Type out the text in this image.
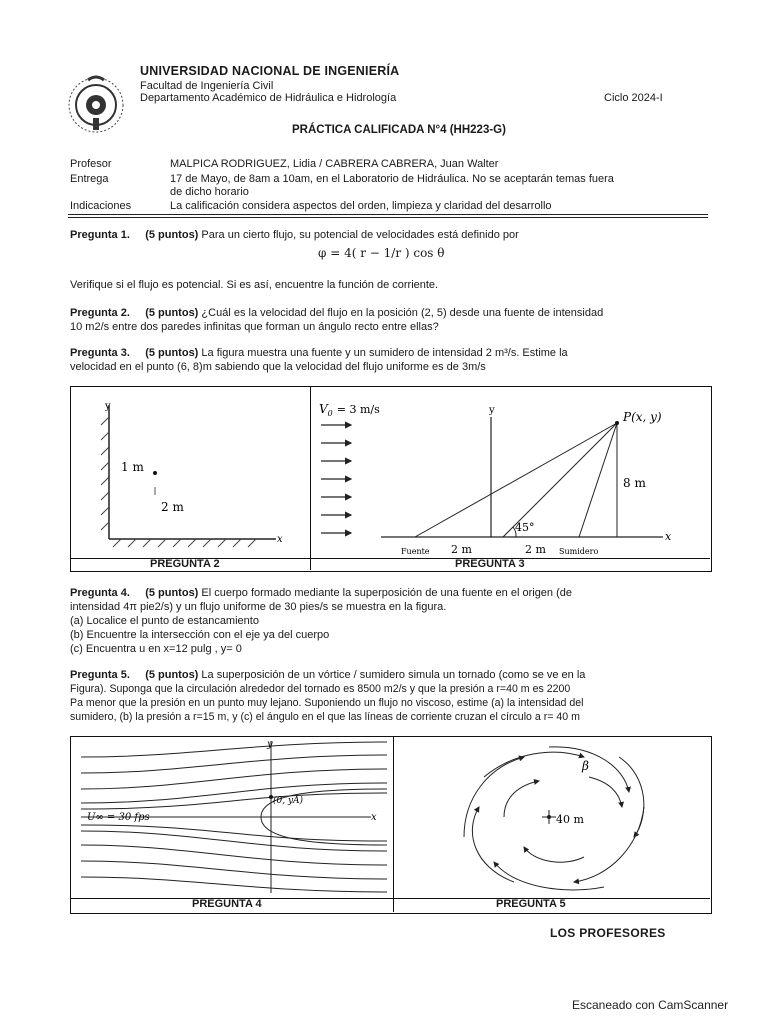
UNIVERSIDAD NACIONAL DE INGENIERÍA
Facultad de Ingeniería Civil
Departamento Académico de Hidráulica e Hidrología	Ciclo 2024-I
PRÁCTICA CALIFICADA N°4 (HH223-G)
Profesor	MALPICA RODRIGUEZ, Lidia / CABRERA CABRERA, Juan Walter
Entrega	17 de Mayo, de 8am a 10am, en el Laboratorio de Hidráulica. No se aceptarán temas fuera
de dicho horario
Indicaciones	La calificación considera aspectos del orden, limpieza y claridad del desarrollo
Pregunta 1. (5 puntos) Para un cierto flujo, su potencial de velocidades está definido por
φ = 4( r − 1/r ) cos θ
Verifique si el flujo es potencial. Si es así, encuentre la función de corriente.
Pregunta 2. (5 puntos) ¿Cuál es la velocidad del flujo en la posición (2, 5) desde una fuente de intensidad
10 m2/s entre dos paredes infinitas que forman un ángulo recto entre ellas?
Pregunta 3. (5 puntos) La figura muestra una fuente y un sumidero de intensidad 2 m³/s. Estime la
velocidad en el punto (6, 8)m sabiendo que la velocidad del flujo uniforme es de 3m/s
y
x
1 m
2 m
$V_0 = 3$ m/s	y
x
P(x, y)
8 m
45°
Fuente	Sumidero
2 m	2 m
PREGUNTA 2	PREGUNTA 3
Pregunta 4. (5 puntos) El cuerpo formado mediante la superposición de una fuente en el origen (de
intensidad 4π pie2/s) y un flujo uniforme de 30 pies/s se muestra en la figura.
(a) Localice el punto de estancamiento
(b) Encuentre la intersección con el eje ya del cuerpo
(c) Encuentra u en x=12 pulg , y= 0
Pregunta 5. (5 puntos) La superposición de un vórtice / sumidero simula un tornado (como se ve en la
Figura). Suponga que la circulación alrededor del tornado es 8500 m2/s y que la presión a r=40 m es 2200
Pa menor que la presión en un punto muy lejano. Suponiendo un flujo no viscoso, estime (a) la intensidad del
sumidero, (b) la presión a r=15 m, y (c) el ángulo en el que las líneas de corriente cruzan el círculo a r= 40 m
U∞ = 30 fps
y
x
(0, yA)
β
40 m
PREGUNTA 4	PREGUNTA 5
LOS PROFESORES
Escaneado con CamScanner
